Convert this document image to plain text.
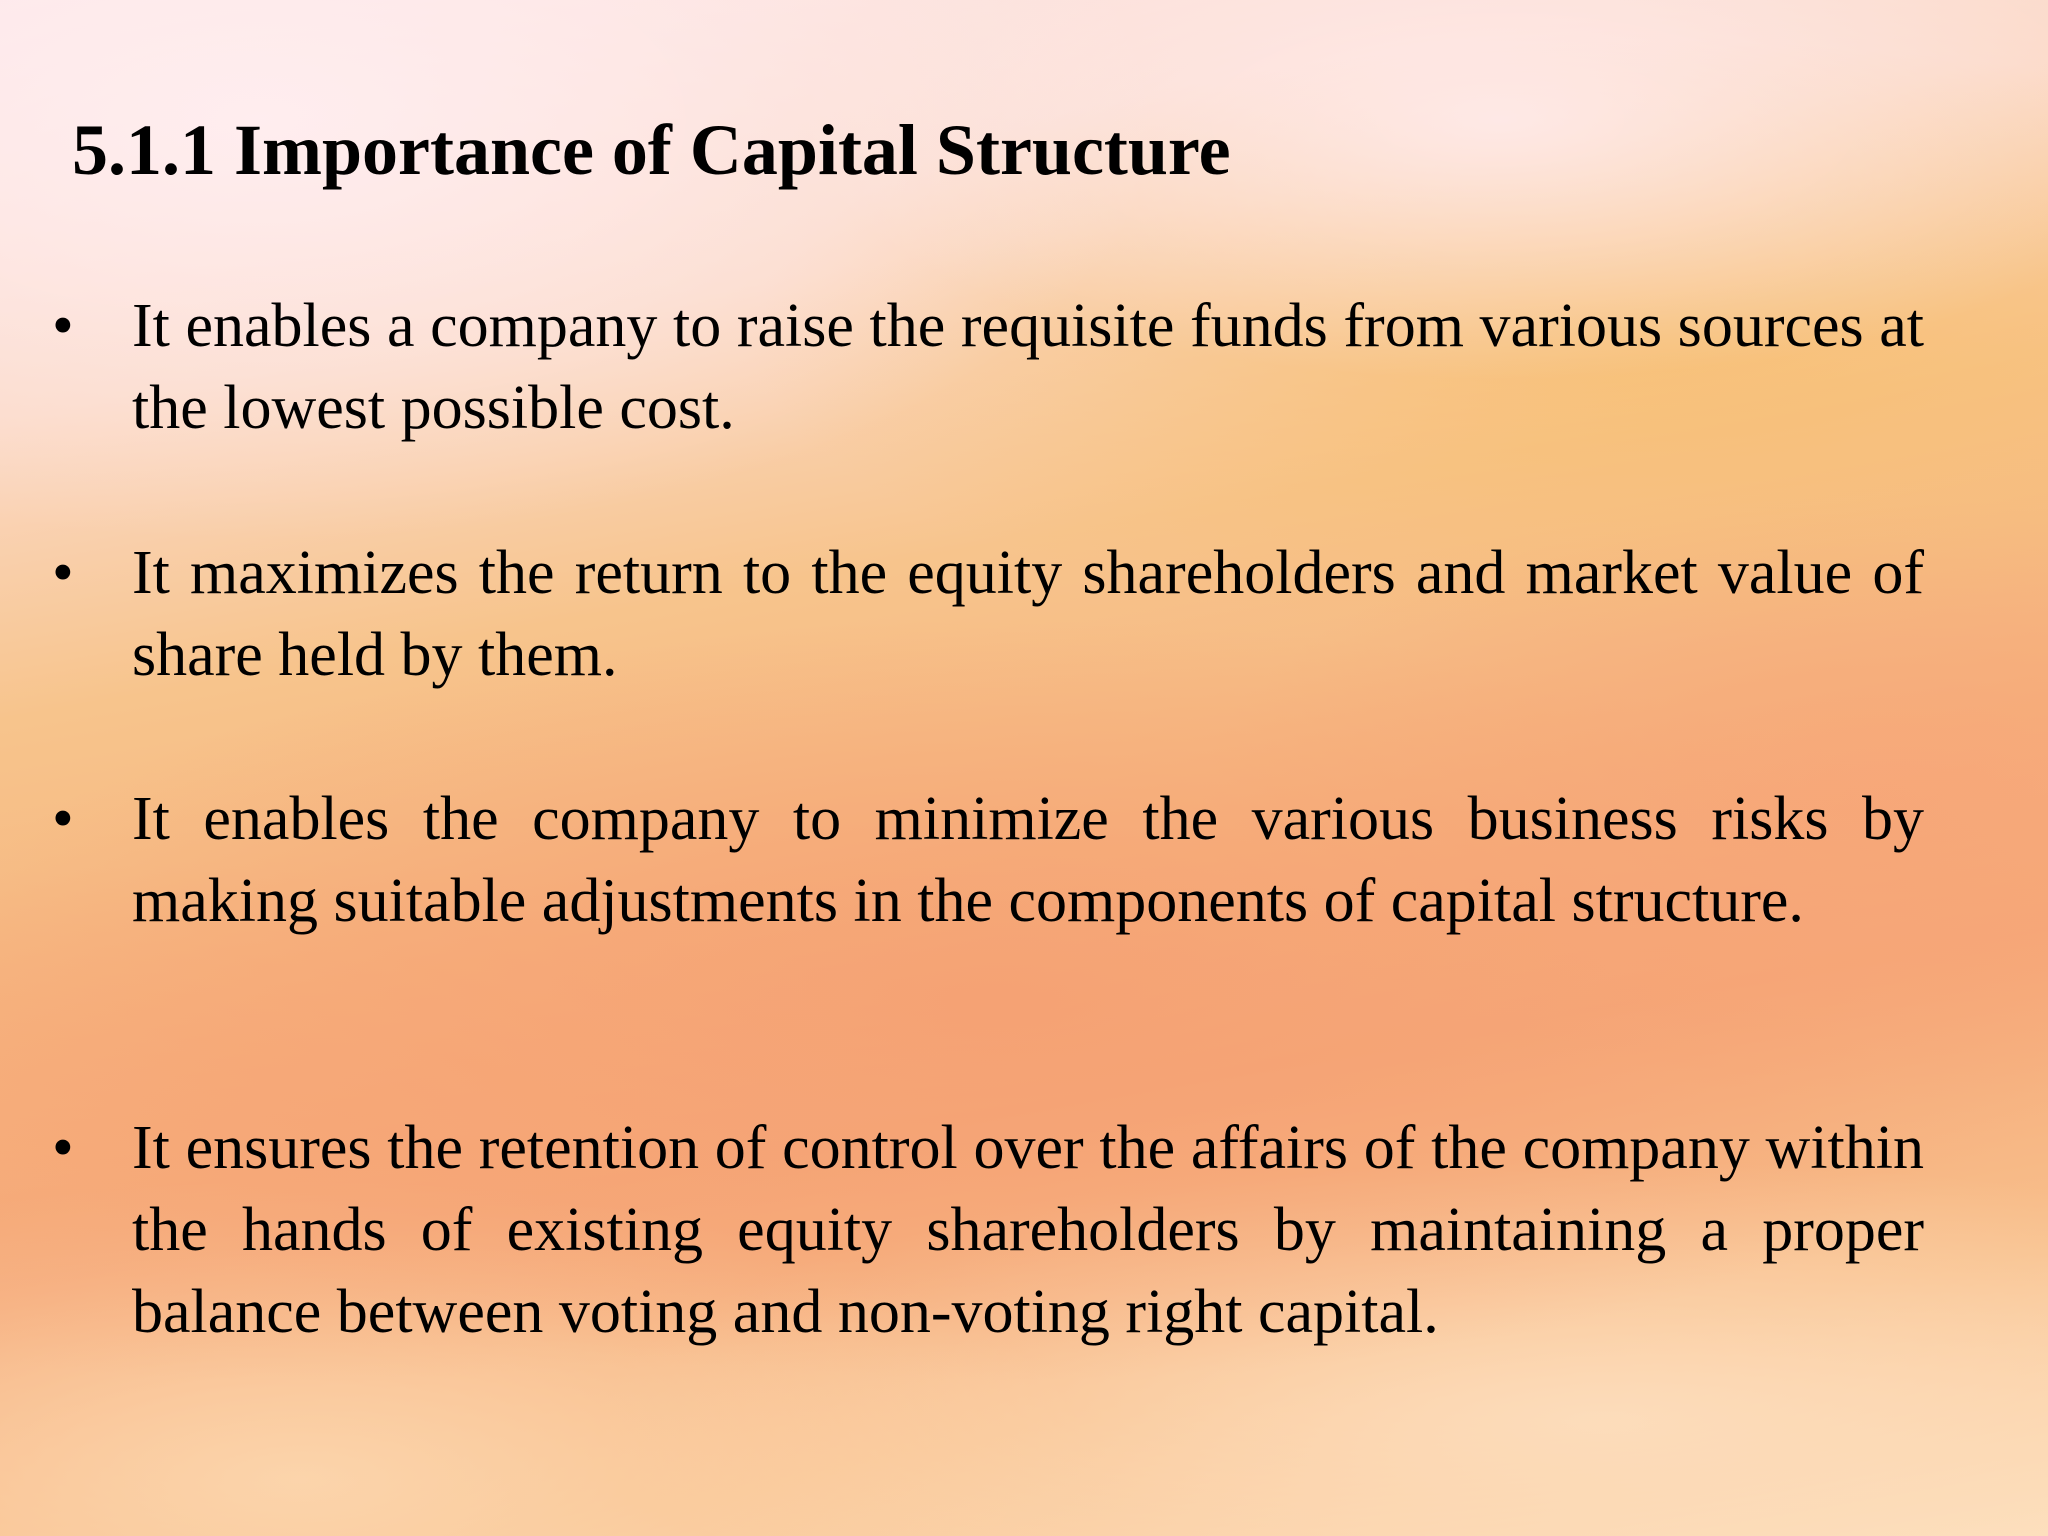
5.1.1 Importance of Capital Structure
• It enables a company to raise the requisite funds from various sources at the lowest possible cost.
• It maximizes the return to the equity shareholders and market value of share held by them.
• It enables the company to minimize the various business risks by making suitable adjustments in the components of capital structure.
• It ensures the retention of control over the affairs of the company within the hands of existing equity shareholders by maintaining a proper balance between voting and non-voting right capital.
